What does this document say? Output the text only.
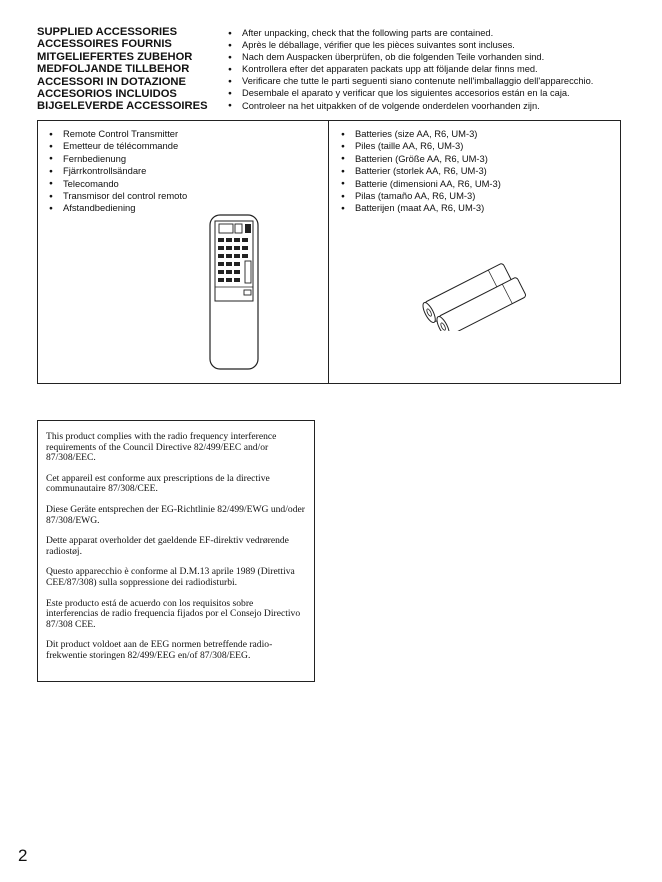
SUPPLIED ACCESSORIES
ACCESSOIRES FOURNIS
MITGELIEFERTES ZUBEHOR
MEDFOLJANDE TILLBEHOR
ACCESSORI IN DOTAZIONE
ACCESORIOS INCLUIDOS
BIJGELEVERDE ACCESSOIRES
● After unpacking, check that the following parts are contained.
● Après le déballage, vérifier que les pièces suivantes sont incluses.
● Nach dem Auspacken überprüfen, ob die folgenden Teile vorhanden sind.
● Kontrollera efter det apparaten packats upp att följande delar finns med.
● Verificare che tutte le parti seguenti siano contenute nell'imballaggio dell'apparecchio.
● Desembale el aparato y verificar que los siguientes accesorios están en la caja.
● Controleer na het uitpakken of de volgende onderdelen voorhanden zijn.
● Remote Control Transmitter
● Emetteur de télécommande
● Fernbedienung
● Fjärrkontrollsändare
● Telecomando
● Transmisor del control remoto
● Afstandbediening
● Batteries (size AA, R6, UM-3)
● Piles (taille AA, R6, UM-3)
● Batterien (Größe AA, R6, UM-3)
● Batterier (storlek AA, R6, UM-3)
● Batterie (dimensioni AA, R6, UM-3)
● Pilas (tamaño AA, R6, UM-3)
● Batterijen (maat AA, R6, UM-3)

This product complies with the radio frequency interference requirements of the Council Directive 82/499/EEC and/or 87/308/EEC.

Cet appareil est conforme aux prescriptions de la directive communautaire 87/308/CEE.

Diese Geräte entsprechen der EG-Richtlinie 82/499/EWG und/oder 87/308/EWG.

Dette apparat overholder det gaeldende EF-direktiv vedrørende radiostøj.

Questo apparecchio è conforme al D.M.13 aprile 1989 (Direttiva CEE/87/308) sulla soppressione dei radiodisturbi.

Este producto está de acuerdo con los requisitos sobre interferencias de radio frequencia fijados por el Consejo Directivo 87/308 CEE.

Dit product voldoet aan de EEG normen betreffende radio-frekwentie storingen 82/499/EEG en/of 87/308/EEG.

2
